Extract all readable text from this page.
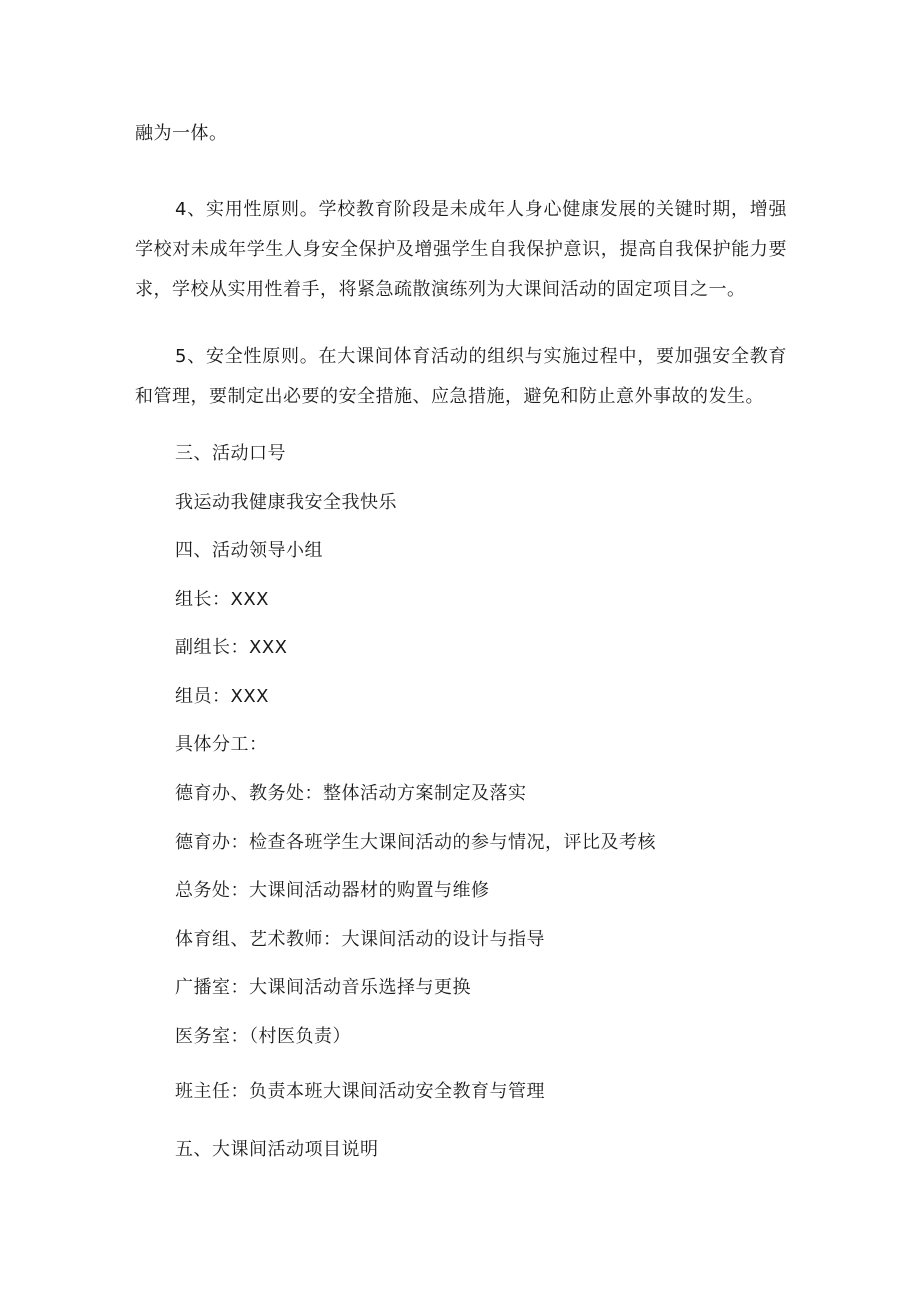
融为一体。
4、实用性原则。学校教育阶段是未成年人身心健康发展的关键时期，增强学校对未成年学生人身安全保护及增强学生自我保护意识，提高自我保护能力要求，学校从实用性着手，将紧急疏散演练列为大课间活动的固定项目之一。
5、安全性原则。在大课间体育活动的组织与实施过程中，要加强安全教育和管理，要制定出必要的安全措施、应急措施，避免和防止意外事故的发生。
三、活动口号
我运动我健康我安全我快乐
四、活动领导小组
组长：XXX
副组长：XXX
组员：XXX
具体分工：
德育办、教务处：整体活动方案制定及落实
德育办：检查各班学生大课间活动的参与情况，评比及考核
总务处：大课间活动器材的购置与维修
体育组、艺术教师：大课间活动的设计与指导
广播室：大课间活动音乐选择与更换
医务室：（村医负责）
班主任：负责本班大课间活动安全教育与管理
五、大课间活动项目说明
